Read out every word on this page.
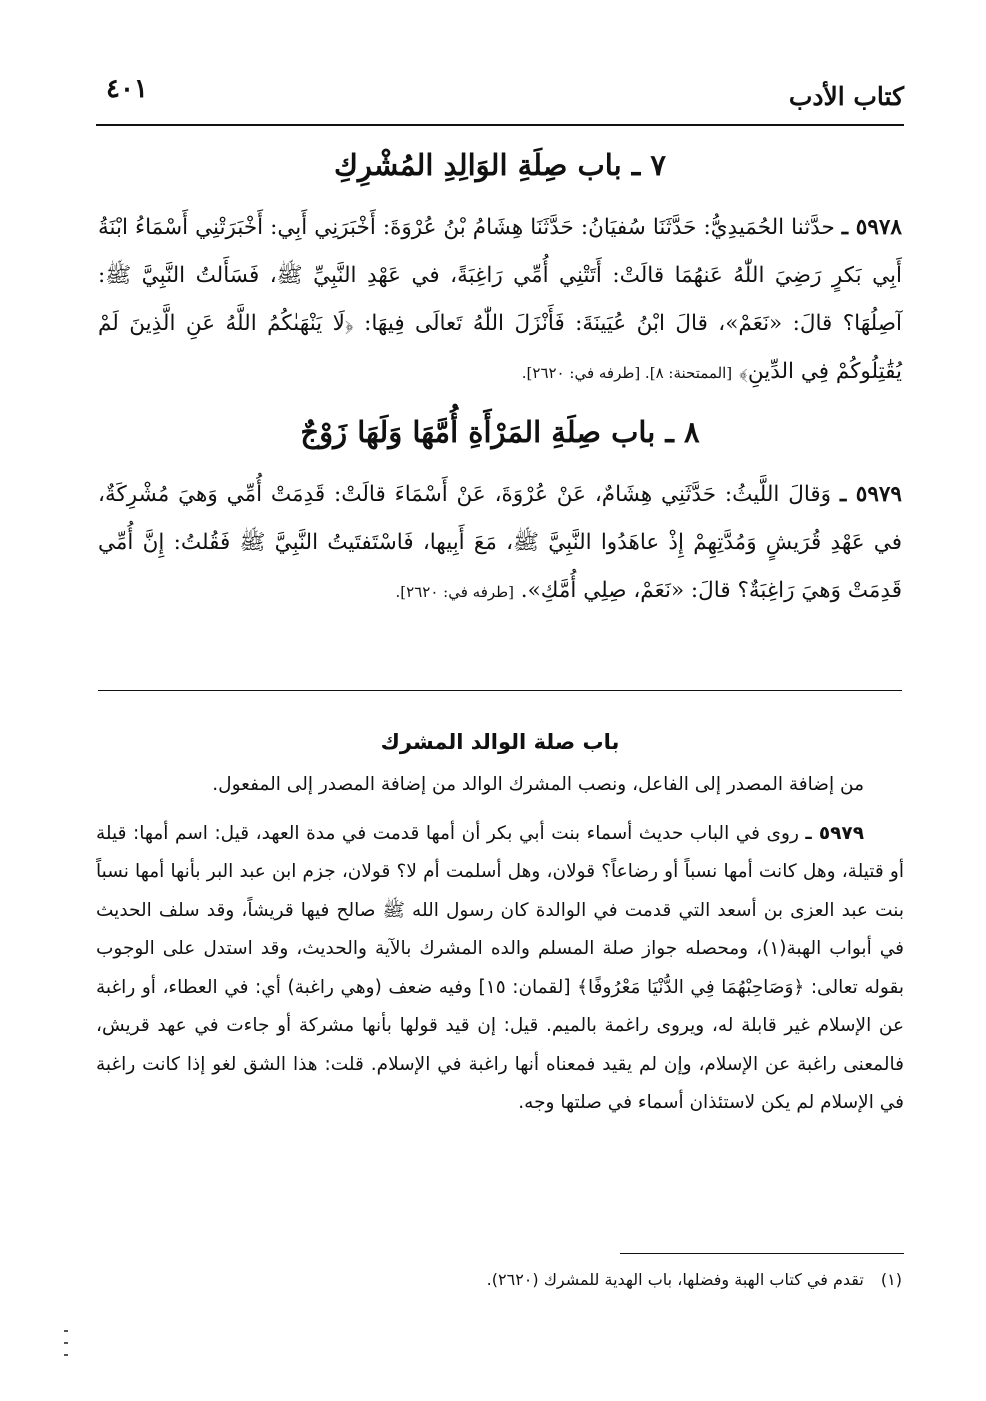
كتاب الأدب
٤٠١
٧ ـ باب صِلَةِ الوَالِدِ المُشْرِكِ

٥٩٧٨ ـ حدَّثنا الحُمَيدِيُّ: حَدَّثَنَا سُفيَانُ: حَدَّثَنَا هِشَامُ بْنُ عُرْوَةَ: أَخْبَرَنِي أَبِي: أَخْبَرَتْنِي أَسْمَاءُ ابْنَةُ أَبِي بَكرٍ رَضِيَ اللّٰهُ عَنهُمَا قالَتْ: أَتَتْنِي أُمِّي رَاغِبَةً، في عَهْدِ النَّبِيِّ ﷺ، فَسَأَلتُ النَّبِيَّ ﷺ: آصِلُهَا؟ قالَ: «نَعَمْ»، قالَ ابْنُ عُيَينَةَ: فَأَنْزَلَ اللّٰهُ تَعالَى فِيهَا: ﴿لَا يَنْهَىٰكُمُ اللَّهُ عَنِ الَّذِينَ لَمْ يُقَٰتِلُوكُمْ فِي الدِّينِ﴾ [الممتحنة: ٨]. [طرفه في: ٢٦٢٠].

٨ ـ باب صِلَةِ المَرْأَةِ أُمَّهَا وَلَهَا زَوْجٌ

٥٩٧٩ ـ وَقالَ اللَّيثُ: حَدَّثَنِي هِشَامٌ، عَنْ عُرْوَةَ، عَنْ أَسْمَاءَ قالَتْ: قَدِمَتْ أُمِّي وَهيَ مُشْرِكَةٌ، في عَهْدِ قُرَيشٍ وَمُدَّتِهِمْ إِذْ عاهَدُوا النَّبِيَّ ﷺ، مَعَ أَبِيها، فَاسْتَفتَيتُ النَّبِيَّ ﷺ فَقُلتُ: إِنَّ أُمِّي قَدِمَتْ وَهيَ رَاغِبَةٌ؟ قالَ: «نَعَمْ، صِلِي أُمَّكِ». [طرفه في: ٢٦٢٠].

باب صلة الوالد المشرك

من إضافة المصدر إلى الفاعل، ونصب المشرك الوالد من إضافة المصدر إلى المفعول.

٥٩٧٩ ـ روى في الباب حديث أسماء بنت أبي بكر أن أمها قدمت في مدة العهد، قيل: اسم أمها: قيلة أو قتيلة، وهل كانت أمها نسباً أو رضاعاً؟ قولان، وهل أسلمت أم لا؟ قولان، جزم ابن عبد البر بأنها أمها نسباً بنت عبد العزى بن أسعد التي قدمت في الوالدة كان رسول الله ﷺ صالح فيها قريشاً، وقد سلف الحديث في أبواب الهبة(١)، ومحصله جواز صلة المسلم والده المشرك بالآية والحديث، وقد استدل على الوجوب بقوله تعالى: ﴿وَصَاحِبْهُمَا فِي الدُّنْيَا مَعْرُوفًا﴾ [لقمان: ١٥] وفيه ضعف (وهي راغبة) أي: في العطاء، أو راغبة عن الإسلام غير قابلة له، ويروى راغمة بالميم. قيل: إن قيد قولها بأنها مشركة أو جاءت في عهد قريش، فالمعنى راغبة عن الإسلام، وإن لم يقيد فمعناه أنها راغبة في الإسلام. قلت: هذا الشق لغو إذا كانت راغبة في الإسلام لم يكن لاستئذان أسماء في صلتها وجه.

(١) تقدم في كتاب الهبة وفضلها، باب الهدية للمشرك (٢٦٢٠).
